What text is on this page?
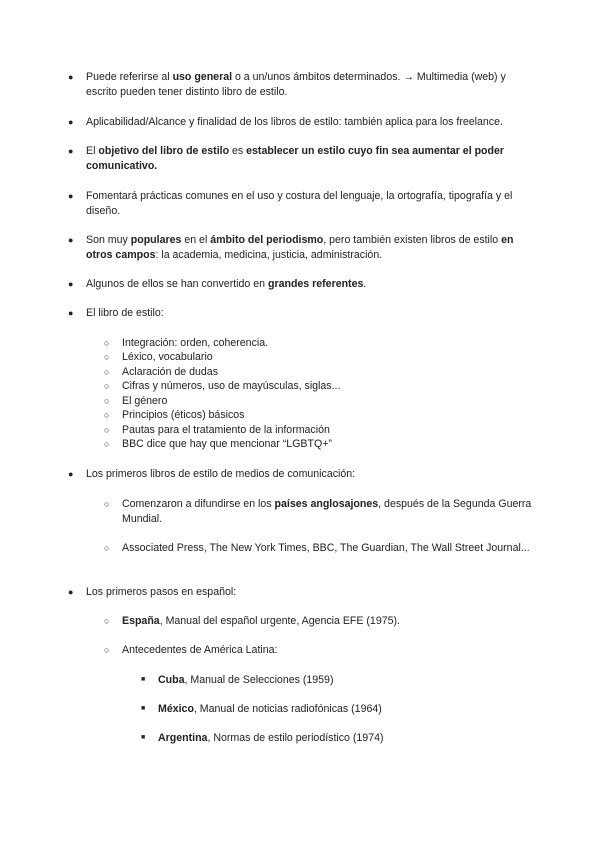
● Puede referirse al uso general o a un/unos ámbitos determinados. → Multimedia (web) y escrito pueden tener distinto libro de estilo.
● Aplicabilidad/Alcance y finalidad de los libros de estilo: también aplica para los freelance.
● El objetivo del libro de estilo es establecer un estilo cuyo fin sea aumentar el poder comunicativo.
● Fomentará prácticas comunes en el uso y costura del lenguaje, la ortografía, tipografía y el diseño.
● Son muy populares en el ámbito del periodismo, pero también existen libros de estilo en otros campos: la academia, medicina, justicia, administración.
● Algunos de ellos se han convertido en grandes referentes.
● El libro de estilo:
○ Integración: orden, coherencia.
○ Léxico, vocabulario
○ Aclaración de dudas
○ Cifras y números, uso de mayúsculas, siglas...
○ El género
○ Principios (éticos) básicos
○ Pautas para el tratamiento de la información
○ BBC dice que hay que mencionar “LGBTQ+”
● Los primeros libros de estilo de medios de comunicación:
○ Comenzaron a difundirse en los países anglosajones, después de la Segunda Guerra Mundial.
○ Associated Press, The New York Times, BBC, The Guardian, The Wall Street Journal...
● Los primeros pasos en español:
○ España, Manual del español urgente, Agencia EFE (1975).
○ Antecedentes de América Latina:
■ Cuba, Manual de Selecciones (1959)
■ México, Manual de noticias radiofónicas (1964)
■ Argentina, Normas de estilo periodístico (1974)
